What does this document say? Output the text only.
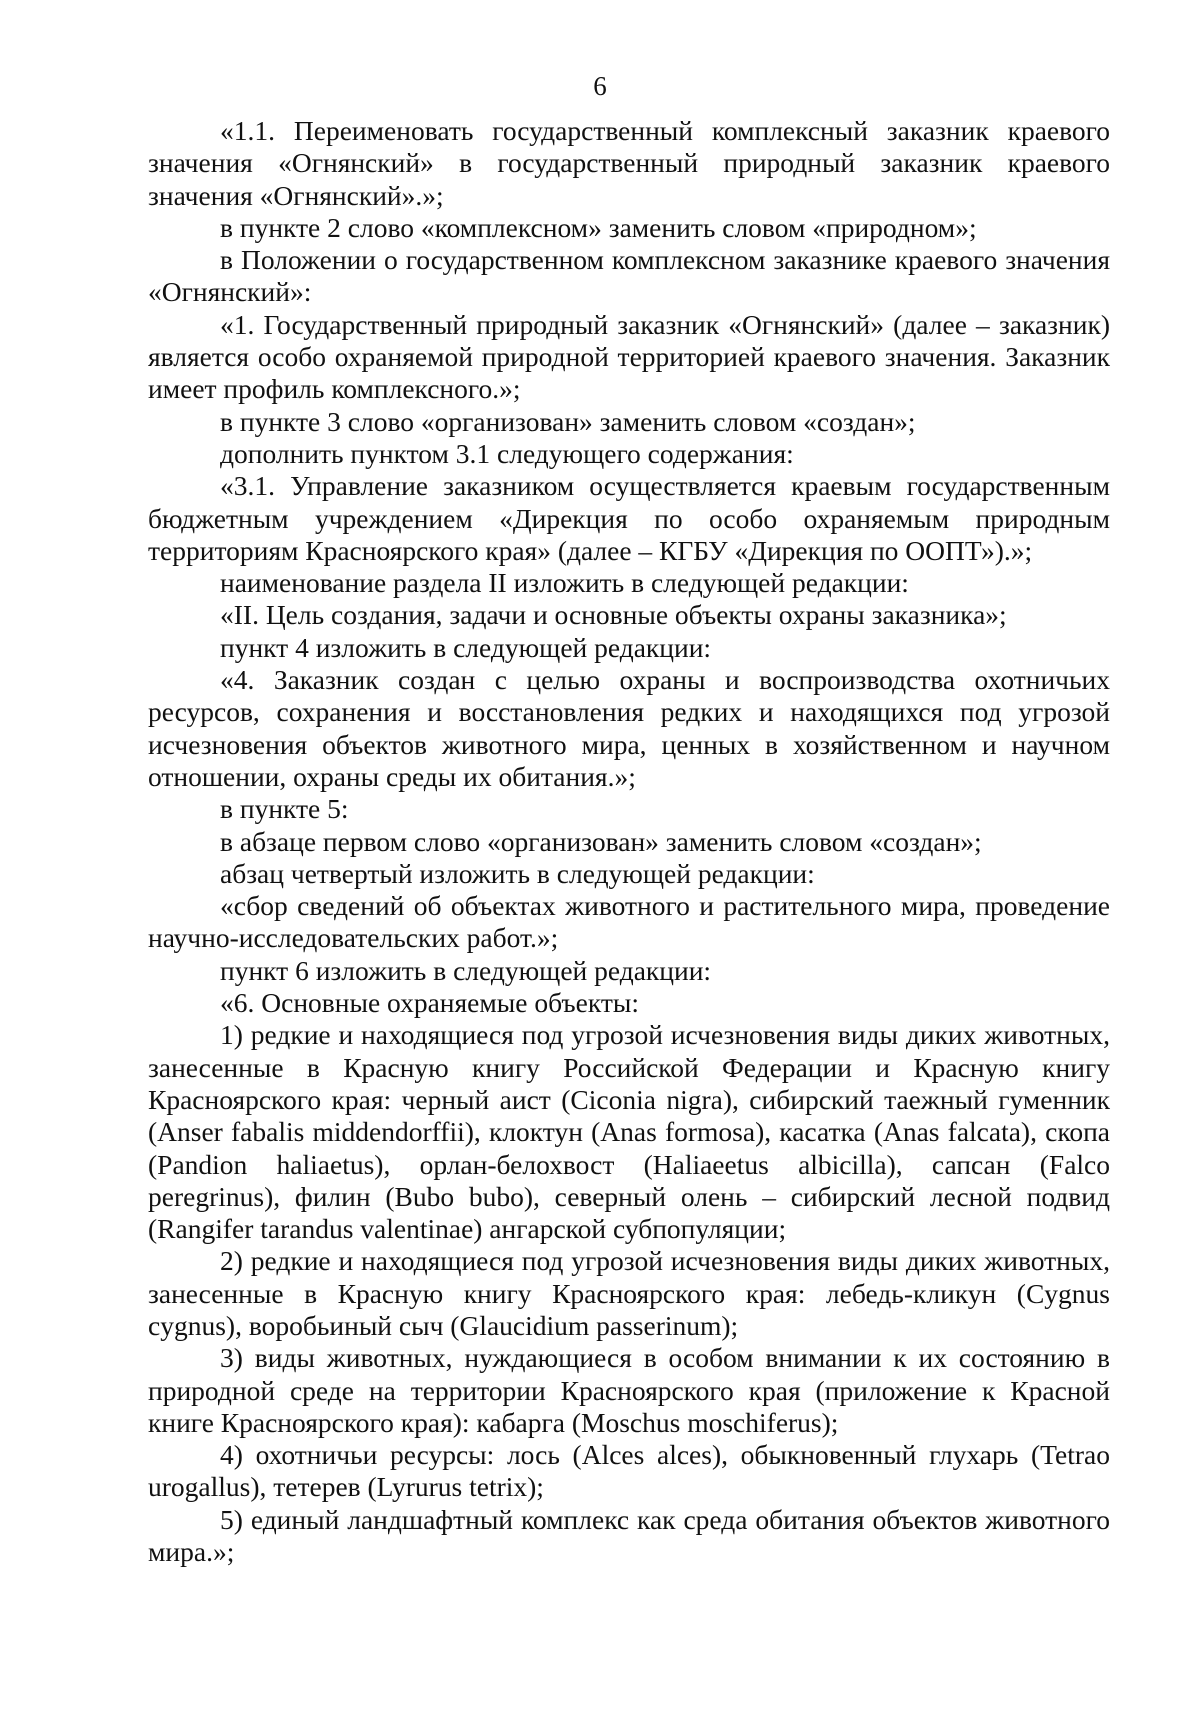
6

«1.1. Переименовать государственный комплексный заказник краевого значения «Огнянский» в государственный природный заказник краевого значения «Огнянский».»;

в пункте 2 слово «комплексном» заменить словом «природном»;

в Положении о государственном комплексном заказнике краевого значения «Огнянский»:

«1. Государственный природный заказник «Огнянский» (далее – заказник) является особо охраняемой природной территорией краевого значения. Заказник имеет профиль комплексного.»;

в пункте 3 слово «организован» заменить словом «создан»;

дополнить пунктом 3.1 следующего содержания:

«3.1. Управление заказником осуществляется краевым государственным бюджетным учреждением «Дирекция по особо охраняемым природным территориям Красноярского края» (далее – КГБУ «Дирекция по ООПТ»).»;

наименование раздела II изложить в следующей редакции:

«II. Цель создания, задачи и основные объекты охраны заказника»;

пункт 4 изложить в следующей редакции:

«4. Заказник создан с целью охраны и воспроизводства охотничьих ресурсов, сохранения и восстановления редких и находящихся под угрозой исчезновения объектов животного мира, ценных в хозяйственном и научном отношении, охраны среды их обитания.»;

в пункте 5:

в абзаце первом слово «организован» заменить словом «создан»;

абзац четвертый изложить в следующей редакции:

«сбор сведений об объектах животного и растительного мира, проведение научно-исследовательских работ.»;

пункт 6 изложить в следующей редакции:

«6. Основные охраняемые объекты:

1) редкие и находящиеся под угрозой исчезновения виды диких животных, занесенные в Красную книгу Российской Федерации и Красную книгу Красноярского края: черный аист (Ciconia nigra), сибирский таежный гуменник (Anser fabalis middendorffii), клоктун (Anas formosa), касатка (Anas falcata), скопа (Pandion haliaetus), орлан-белохвост (Haliaeetus albicilla), сапсан (Falco peregrinus), филин (Bubo bubo), северный олень – сибирский лесной подвид (Rangifer tarandus valentinae) ангарской субпопуляции;

2) редкие и находящиеся под угрозой исчезновения виды диких животных, занесенные в Красную книгу Красноярского края: лебедь-кликун (Cygnus cygnus), воробьиный сыч (Glaucidium passerinum);

3) виды животных, нуждающиеся в особом внимании к их состоянию в природной среде на территории Красноярского края (приложение к Красной книге Красноярского края): кабарга (Moschus moschiferus);

4) охотничьи ресурсы: лось (Alces alces), обыкновенный глухарь (Tetrao urogallus), тетерев (Lyrurus tetrix);

5) единый ландшафтный комплекс как среда обитания объектов животного мира.»;
